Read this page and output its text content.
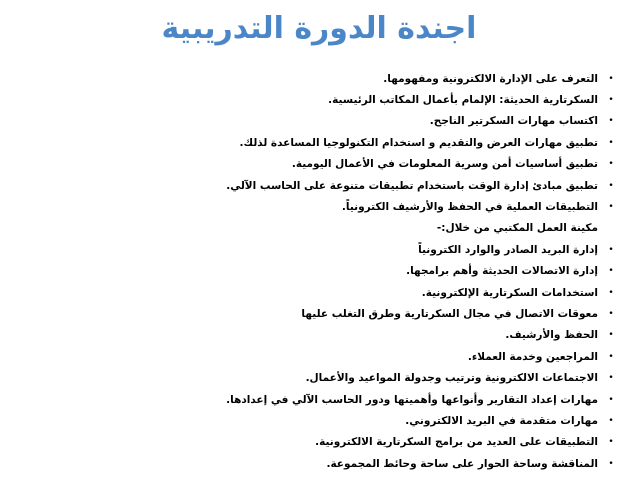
اجندة الدورة التدريبية
•
التعرف على الإدارة الالكترونية ومفهومها.
•
السكرتارية الحديثة: الإلمام بأعمال المكاتب الرئيسية.
•
اكتساب مهارات السكرتير الناجح.
•
تطبيق مهارات العرض والتقديم و استخدام التكنولوجيا المساعدة لذلك.
•
تطبيق أساسيات أمن وسرية المعلومات في الأعمال اليومية.
•
تطبيق مبادئ إدارة الوقت باستخدام تطبيقات متنوعة على الحاسب الآلي.
•
التطبيقات العملية في الحفظ والأرشيف الكترونياً.
مكينة العمل المكتبي من خلال:-
•
إدارة البريد الصادر والوارد الكترونياً
•
إدارة الاتصالات الحديثة وأهم برامجها.
•
استخدامات السكرتارية الإلكترونية.
•
معوقات الاتصال في مجال السكرتارية وطرق التغلب عليها
•
الحفظ والأرشيف.
•
المراجعين وخدمة العملاء.
•
الاجتماعات الالكترونية وترتيب وجدولة المواعيد والأعمال.
•
مهارات إعداد التقارير وأنواعها وأهميتها ودور الحاسب الآلي في إعدادها.
•
مهارات متقدمة في البريد الالكتروني.
•
التطبيقات على العديد من برامج السكرتارية الالكترونية.
•
المناقشة وساحة الحوار على ساحة وحائط المجموعة.
